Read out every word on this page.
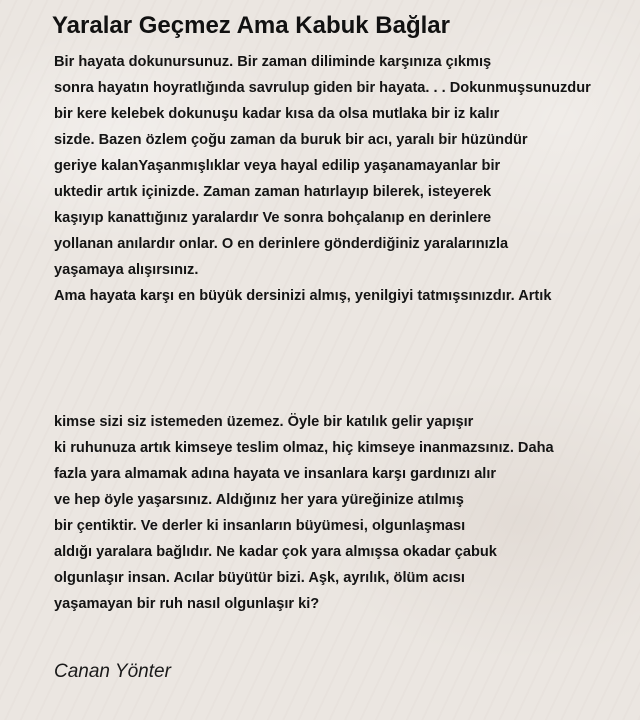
Yaralar Geçmez Ama Kabuk Bağlar
Bir hayata dokunursunuz. Bir zaman diliminde karşınıza çıkmış
sonra hayatın hoyratlığında savrulup giden bir hayata. . . Dokunmuşsunuzdur
bir kere kelebek dokunuşu kadar kısa da olsa mutlaka bir iz kalır
sizde. Bazen özlem çoğu zaman da buruk bir acı, yaralı bir hüzündür
geriye kalanYaşanmışlıklar veya hayal edilip yaşanamayanlar bir
uktedir artık içinizde. Zaman zaman hatırlayıp bilerek, isteyerek
kaşıyıp kanattığınız yaralardır Ve sonra bohçalanıp en derinlere
yollanan anılardır onlar. O en derinlere gönderdiğiniz yaralarınızla
yaşamaya alışırsınız.
Ama hayata karşı en büyük dersinizi almış, yenilgiyi tatmışsınızdır. Artık
kimse sizi siz istemeden üzemez. Öyle bir katılık gelir yapışır
ki ruhunuza artık kimseye teslim olmaz, hiç kimseye inanmazsınız. Daha
fazla yara almamak adına hayata ve insanlara karşı gardınızı alır
ve hep öyle yaşarsınız. Aldığınız her yara yüreğinize atılmış
bir çentiktir. Ve derler ki insanların büyümesi, olgunlaşması
aldığı yaralara bağlıdır. Ne kadar çok yara almışsa okadar çabuk
olgunlaşır insan. Acılar büyütür bizi. Aşk, ayrılık, ölüm acısı
yaşamayan bir ruh nasıl olgunlaşır ki?

Canan Yönter
